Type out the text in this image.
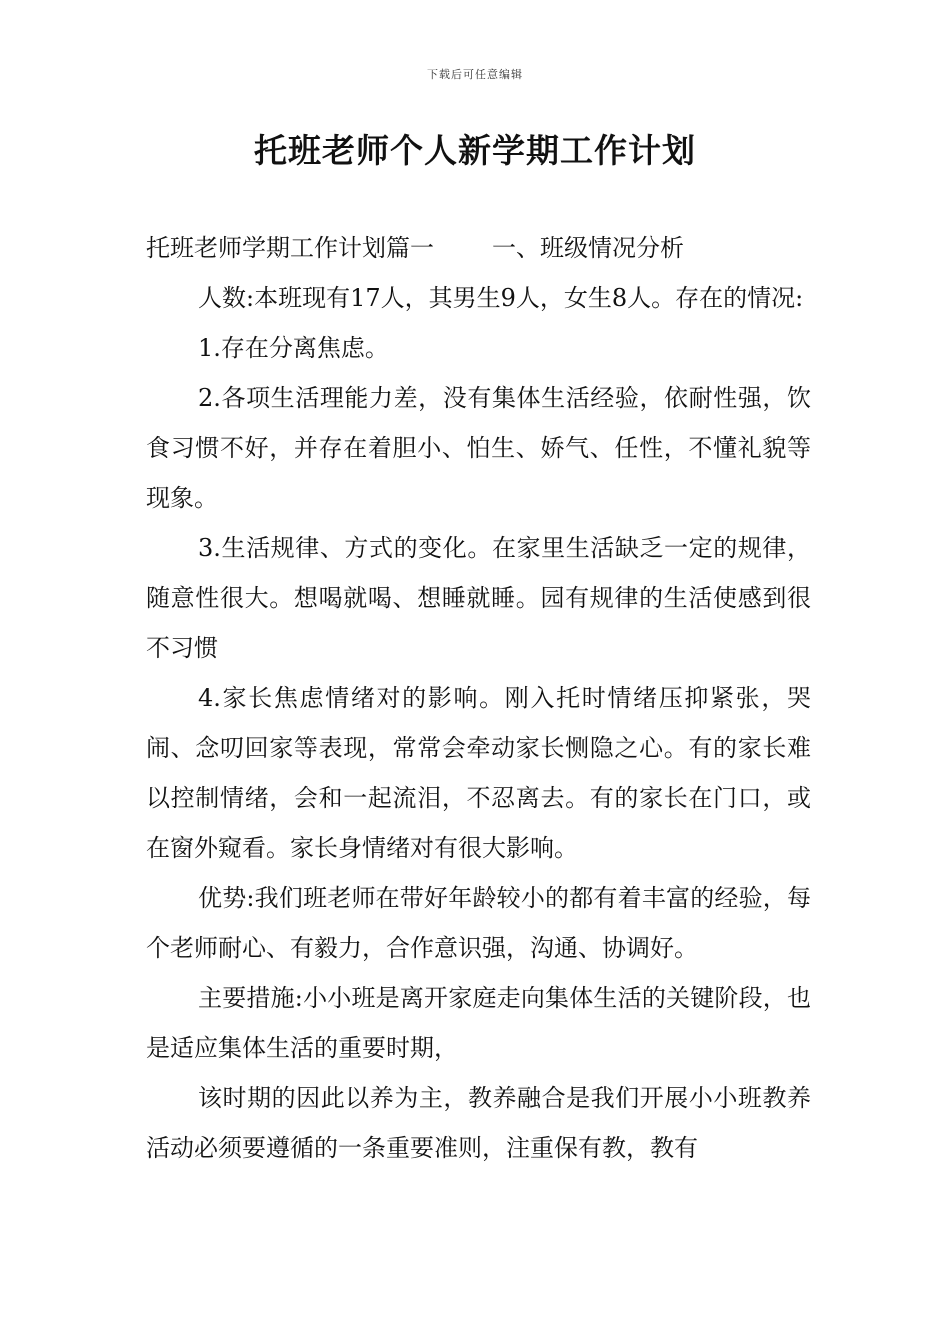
下载后可任意编辑
托班老师个人新学期工作计划

托班老师学期工作计划篇一 一、班级情况分析

人数:本班现有17人，其男生9人，女生8人。存在的情况:

1.存在分离焦虑。

2.各项生活理能力差，没有集体生活经验，依耐性强，饮食习惯不好，并存在着胆小、怕生、娇气、任性，不懂礼貌等现象。

3.生活规律、方式的变化。在家里生活缺乏一定的规律，随意性很大。想喝就喝、想睡就睡。园有规律的生活使感到很不习惯

4.家长焦虑情绪对的影响。刚入托时情绪压抑紧张，哭闹、念叨回家等表现，常常会牵动家长恻隐之心。有的家长难以控制情绪，会和一起流泪，不忍离去。有的家长在门口，或在窗外窥看。家长身情绪对有很大影响。

优势:我们班老师在带好年龄较小的都有着丰富的经验，每个老师耐心、有毅力，合作意识强，沟通、协调好。

主要措施:小小班是离开家庭走向集体生活的关键阶段，也是适应集体生活的重要时期，

该时期的因此以养为主，教养融合是我们开展小小班教养活动必须要遵循的一条重要准则，注重保有教，教有
